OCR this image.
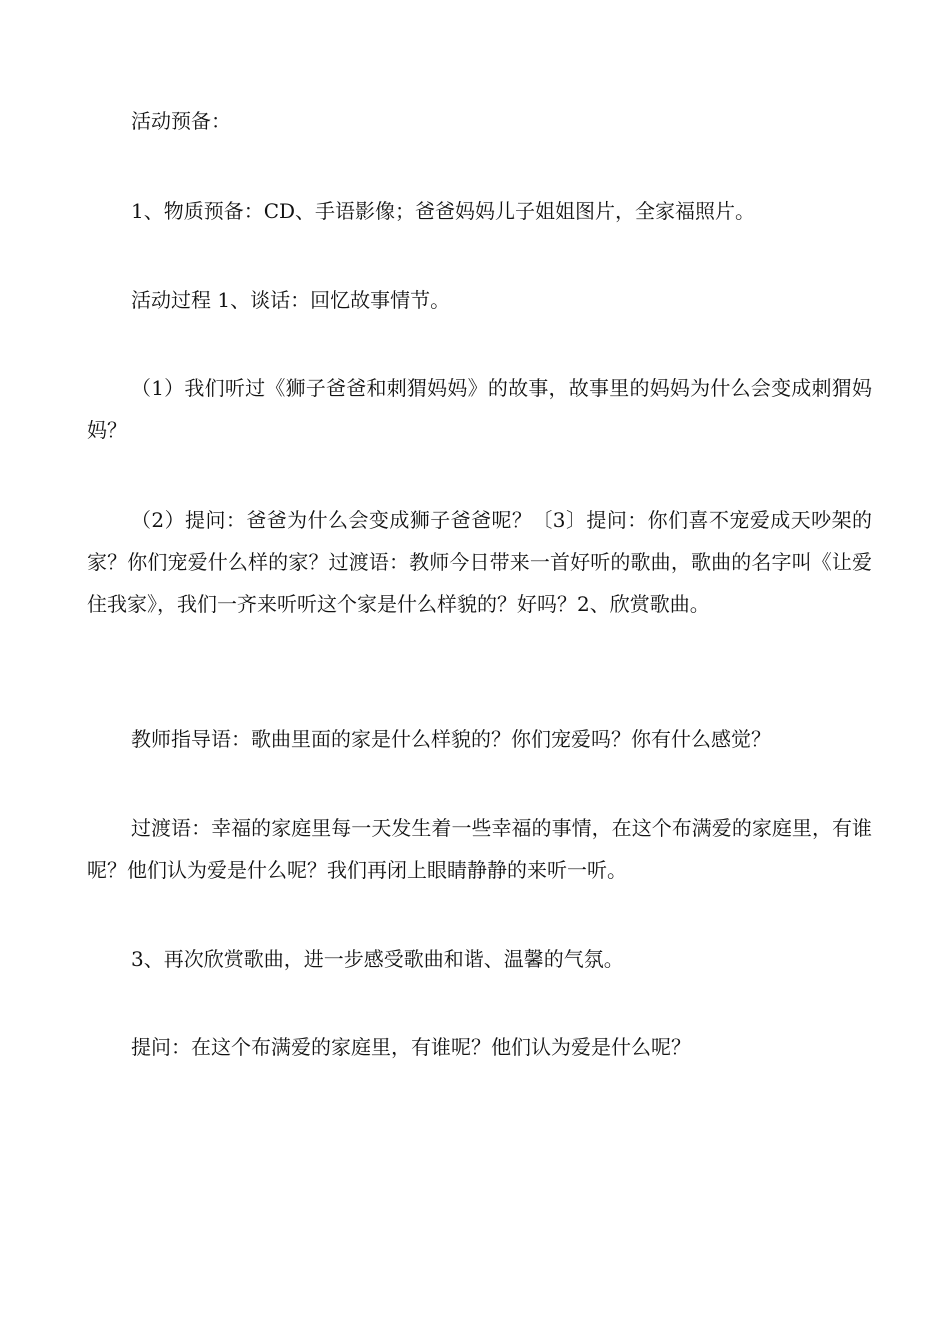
活动预备：

1、物质预备：CD、手语影像；爸爸妈妈儿子姐姐图片，全家福照片。

活动过程 1、谈话：回忆故事情节。

（1）我们听过《狮子爸爸和刺猬妈妈》的故事，故事里的妈妈为什么会变成刺猬妈妈？

（2）提问：爸爸为什么会变成狮子爸爸呢？〔3〕提问：你们喜不宠爱成天吵架的家？你们宠爱什么样的家？过渡语：教师今日带来一首好听的歌曲，歌曲的名字叫《让爱住我家》，我们一齐来听听这个家是什么样貌的？好吗？2、欣赏歌曲。

教师指导语：歌曲里面的家是什么样貌的？你们宠爱吗？你有什么感觉？

过渡语：幸福的家庭里每一天发生着一些幸福的事情，在这个布满爱的家庭里，有谁呢？他们认为爱是什么呢？我们再闭上眼睛静静的来听一听。

3、再次欣赏歌曲，进一步感受歌曲和谐、温馨的气氛。

提问：在这个布满爱的家庭里，有谁呢？他们认为爱是什么呢？
